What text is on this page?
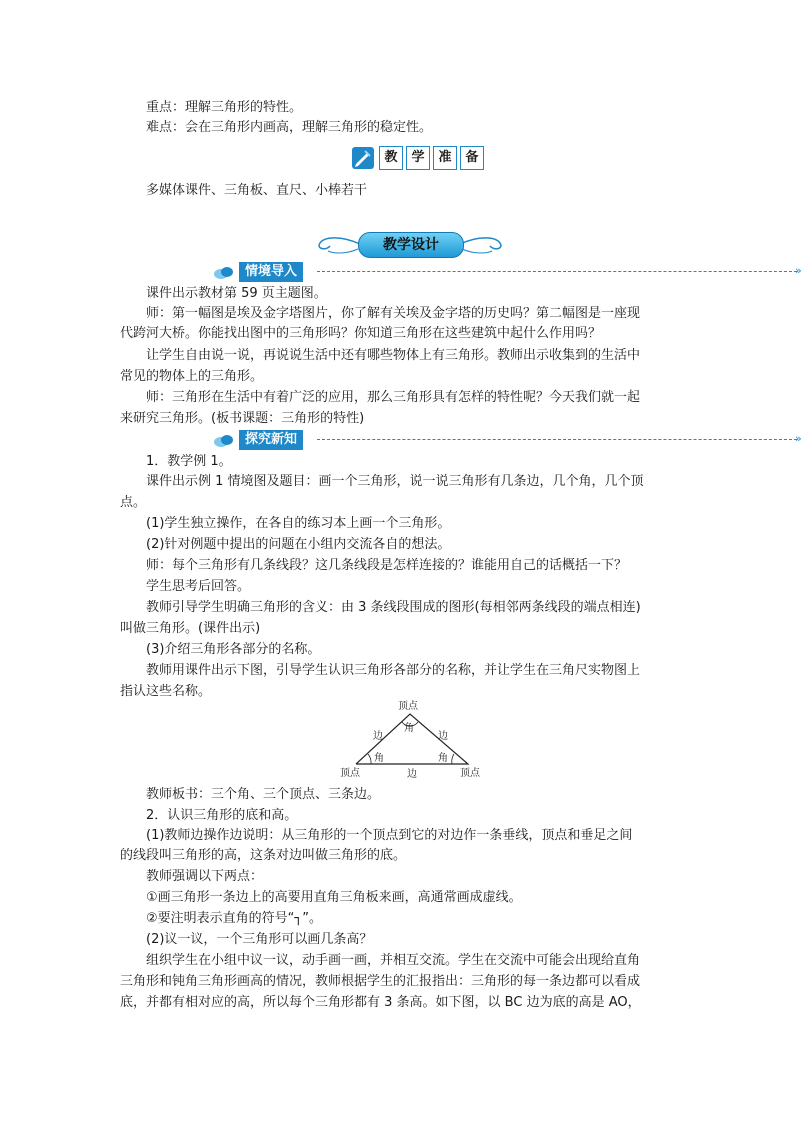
重点：理解三角形的特性。
难点：会在三角形内画高，理解三角形的稳定性。
教	学	准	备
多媒体课件、三角板、直尺、小棒若干
教学设计
情境导入	»
课件出示教材第 59 页主题图。
师：第一幅图是埃及金字塔图片，你了解有关埃及金字塔的历史吗？第二幅图是一座现
代跨河大桥。你能找出图中的三角形吗？你知道三角形在这些建筑中起什么作用吗？
让学生自由说一说，再说说生活中还有哪些物体上有三角形。教师出示收集到的生活中
常见的物体上的三角形。
师：三角形在生活中有着广泛的应用，那么三角形具有怎样的特性呢？今天我们就一起
来研究三角形。(板书课题：三角形的特性)
探究新知	»
1．教学例 1。
课件出示例 1 情境图及题目：画一个三角形，说一说三角形有几条边，几个角，几个顶
点。
(1)学生独立操作，在各自的练习本上画一个三角形。
(2)针对例题中提出的问题在小组内交流各自的想法。
师：每个三角形有几条线段？这几条线段是怎样连接的？谁能用自己的话概括一下？
学生思考后回答。
教师引导学生明确三角形的含义：由 3 条线段围成的图形(每相邻两条线段的端点相连)
叫做三角形。(课件出示)
(3)介绍三角形各部分的名称。
教师用课件出示下图，引导学生认识三角形各部分的名称，并让学生在三角尺实物图上
指认这些名称。
顶点
顶点	顶点
边	边
边
角
角	角
教师板书：三个角、三个顶点、三条边。
2．认识三角形的底和高。
(1)教师边操作边说明：从三角形的一个顶点到它的对边作一条垂线，顶点和垂足之间
的线段叫三角形的高，这条对边叫做三角形的底。
教师强调以下两点：
①画三角形一条边上的高要用直角三角板来画，高通常画成虚线。
②要注明表示直角的符号“┐”。
(2)议一议，一个三角形可以画几条高？
组织学生在小组中议一议，动手画一画，并相互交流。学生在交流中可能会出现给直角
三角形和钝角三角形画高的情况，教师根据学生的汇报指出：三角形的每一条边都可以看成
底，并都有相对应的高，所以每个三角形都有 3 条高。如下图，以 BC 边为底的高是 AO，
